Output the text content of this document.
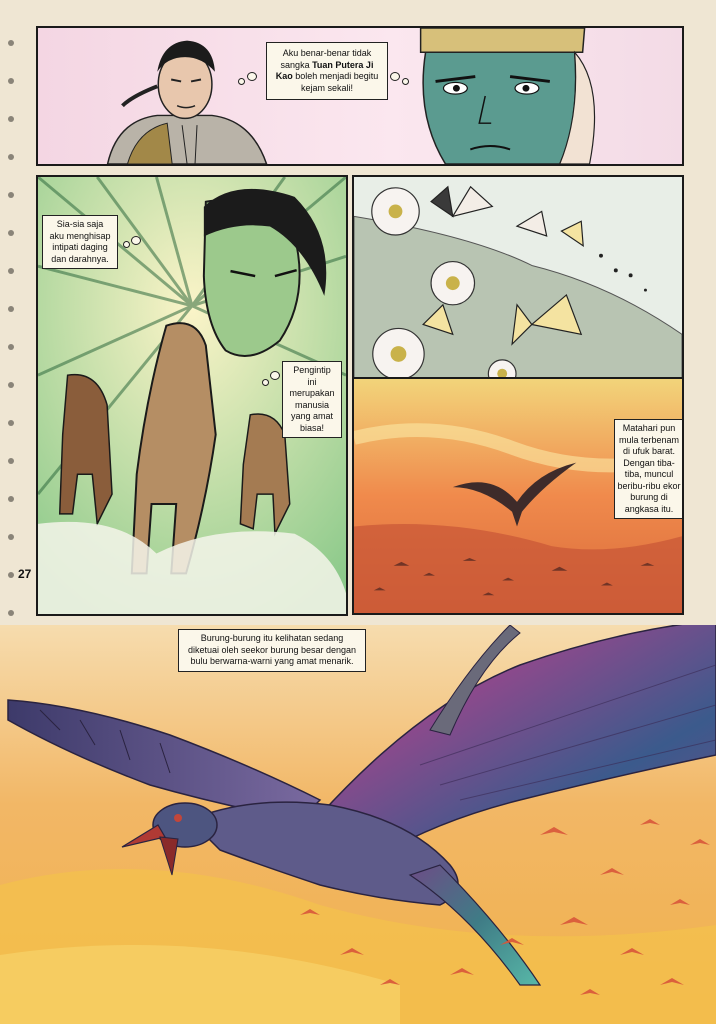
Aku benar-benar tidak sangka Tuan Putera Ji Kao boleh menjadi begitu kejam sekali!
Sia-sia saja
aku menghisap
intipati daging
dan darahnya.
Pengintip
ini
merupakan
manusia
yang amat
biasa!	Matahari pun
mula terbenam
di ufuk barat.
Dengan tiba-
tiba, muncul
beribu-ribu ekor
burung di
angkasa itu.
27
Burung-burung itu kelihatan sedang
diketuai oleh seekor burung besar dengan
bulu berwarna-warni yang amat menarik.
